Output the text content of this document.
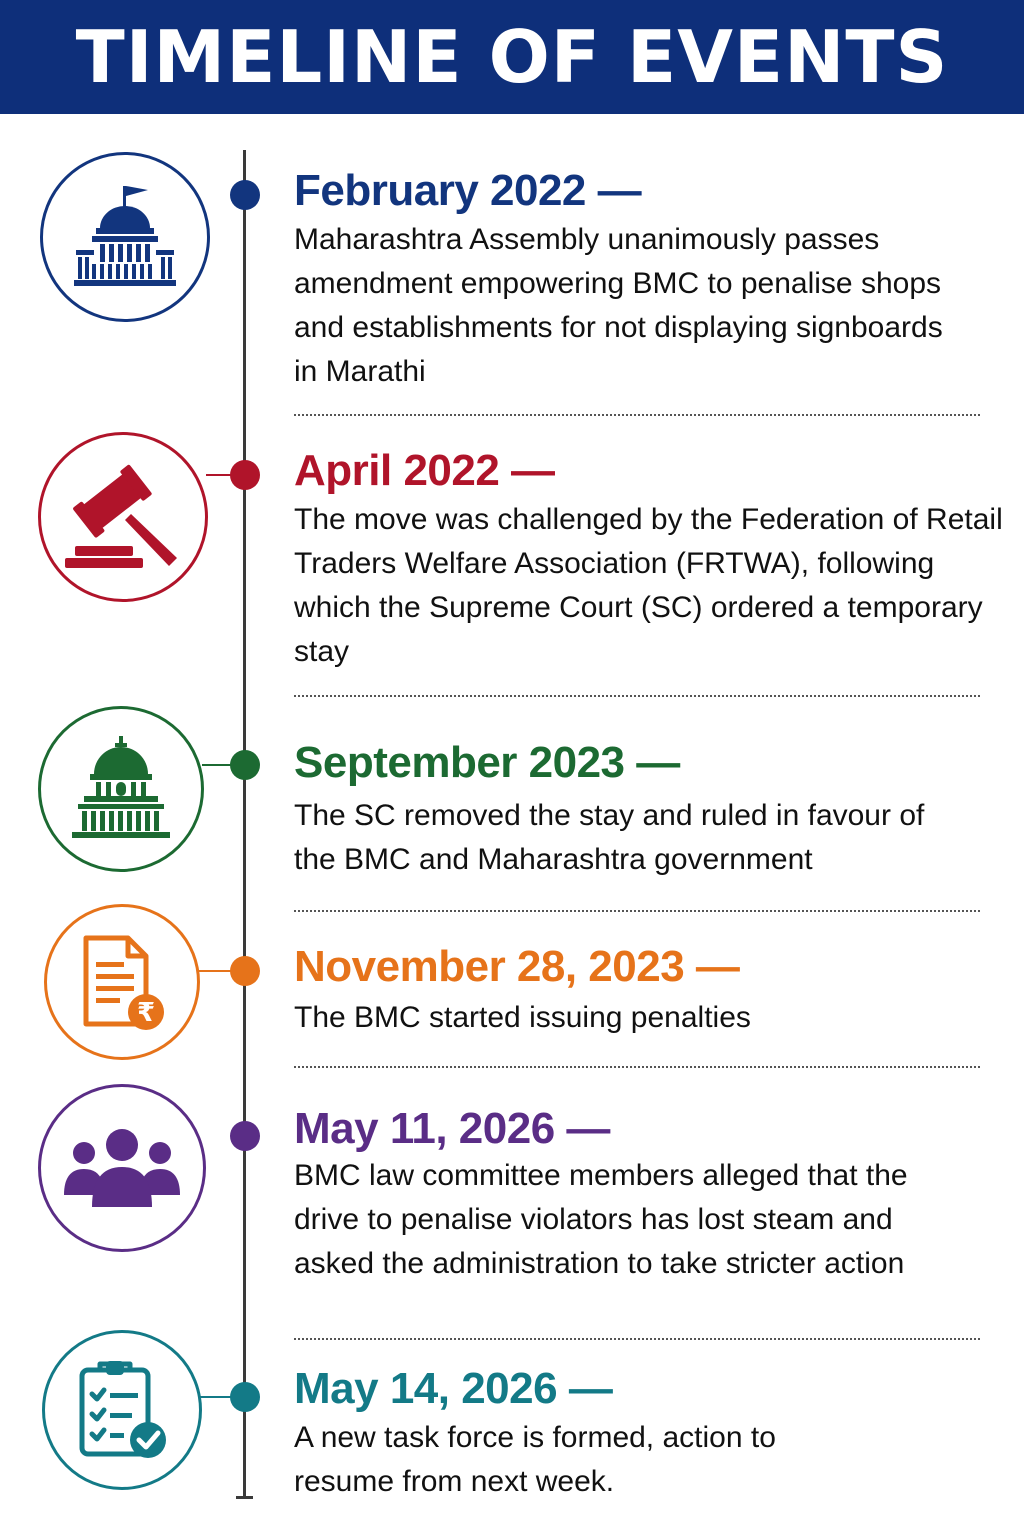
TIMELINE OF EVENTS
February 2022 —
Maharashtra Assembly unanimously passes amendment empowering BMC to penalise shops and establishments for not displaying signboards in Marathi
April 2022 —
The move was challenged by the Federation of Retail Traders Welfare Association (FRTWA), following which the Supreme Court (SC) ordered a temporary stay
September 2023 —
The SC removed the stay and ruled in favour of the BMC and Maharashtra government
₹
November 28, 2023 —
The BMC started issuing penalties
May 11, 2026 —
BMC law committee members alleged that the drive to penalise violators has lost steam and asked the administration to take stricter action
May 14, 2026 —
A new task force is formed, action to resume from next week.
